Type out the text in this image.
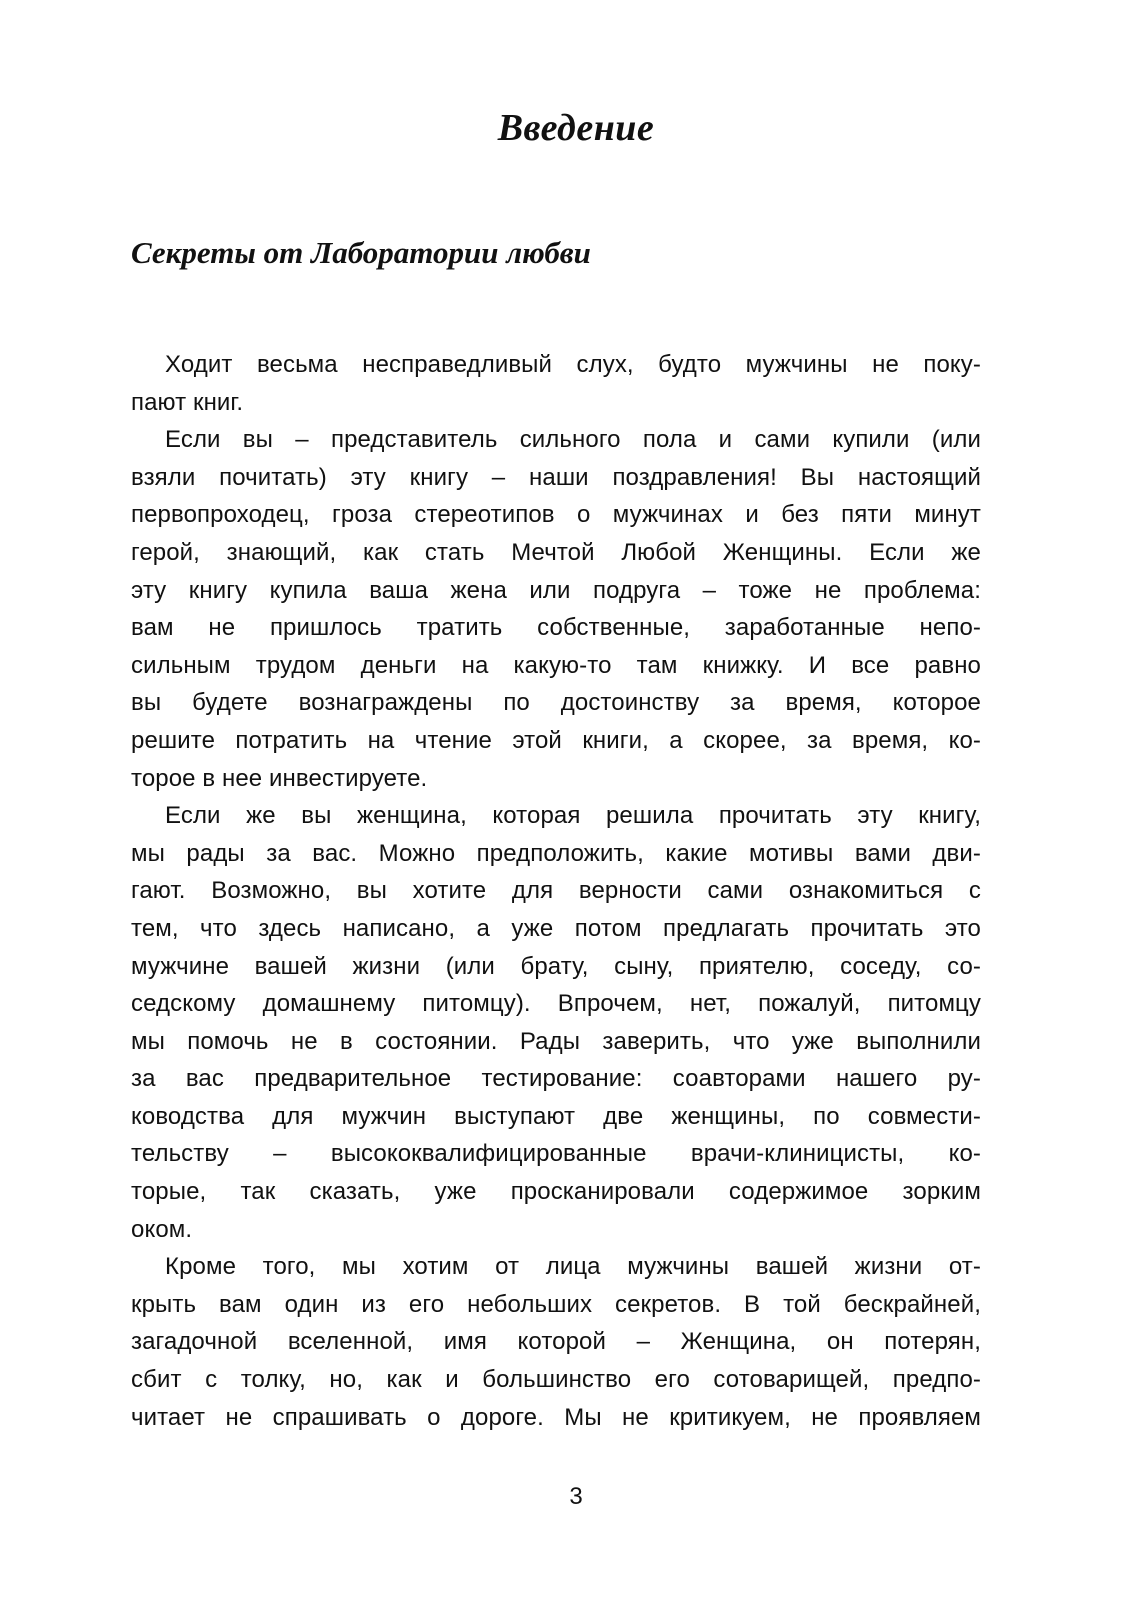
Введение
Секреты от Лаборатории любви
Ходит весьма несправедливый слух, будто мужчины не поку-
пают книг.
Если вы – представитель сильного пола и сами купили (или
взяли почитать) эту книгу – наши поздравления! Вы настоящий
первопроходец, гроза стереотипов о мужчинах и без пяти минут
герой, знающий, как стать Мечтой Любой Женщины. Если же
эту книгу купила ваша жена или подруга – тоже не проблема:
вам не пришлось тратить собственные, заработанные непо-
сильным трудом деньги на какую-то там книжку. И все равно
вы будете вознаграждены по достоинству за время, которое
решите потратить на чтение этой книги, а скорее, за время, ко-
торое в нее инвестируете.
Если же вы женщина, которая решила прочитать эту книгу,
мы рады за вас. Можно предположить, какие мотивы вами дви-
гают. Возможно, вы хотите для верности сами ознакомиться с
тем, что здесь написано, а уже потом предлагать прочитать это
мужчине вашей жизни (или брату, сыну, приятелю, соседу, со-
седскому домашнему питомцу). Впрочем, нет, пожалуй, питомцу
мы помочь не в состоянии. Рады заверить, что уже выполнили
за вас предварительное тестирование: соавторами нашего ру-
ководства для мужчин выступают две женщины, по совмести-
тельству – высококвалифицированные врачи-клиницисты, ко-
торые, так сказать, уже просканировали содержимое зорким
оком.
Кроме того, мы хотим от лица мужчины вашей жизни от-
крыть вам один из его небольших секретов. В той бескрайней,
загадочной вселенной, имя которой – Женщина, он потерян,
сбит с толку, но, как и большинство его сотоварищей, предпо-
читает не спрашивать о дороге. Мы не критикуем, не проявляем
3
